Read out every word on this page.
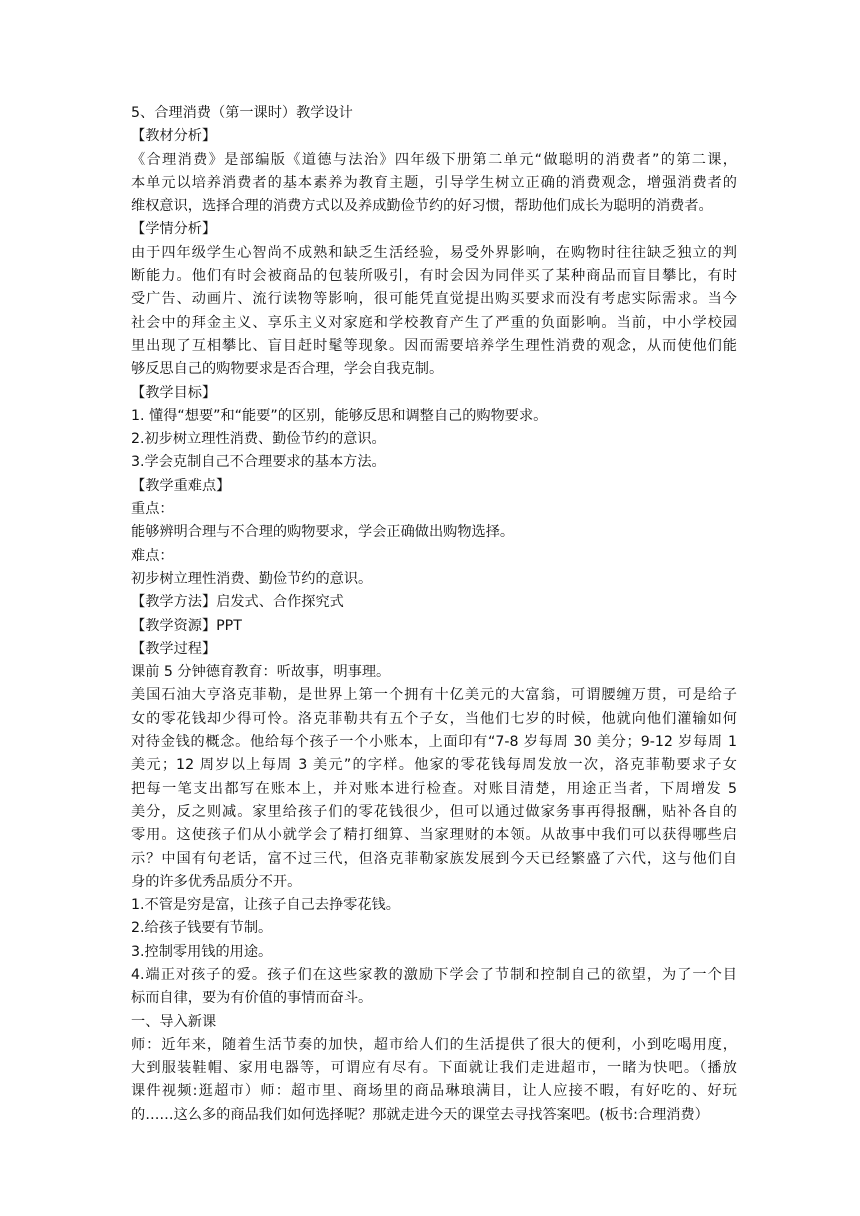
5、合理消费（第一课时）教学设计
【教材分析】
《合理消费》是部编版《道德与法治》四年级下册第二单元“做聪明的消费者”的第二课，
本单元以培养消费者的基本素养为教育主题，引导学生树立正确的消费观念，增强消费者的
维权意识，选择合理的消费方式以及养成勤俭节约的好习惯，帮助他们成长为聪明的消费者。
【学情分析】
由于四年级学生心智尚不成熟和缺乏生活经验，易受外界影响，在购物时往往缺乏独立的判
断能力。他们有时会被商品的包装所吸引，有时会因为同伴买了某种商品而盲目攀比，有时
受广告、动画片、流行读物等影响，很可能凭直觉提出购买要求而没有考虑实际需求。当今
社会中的拜金主义、享乐主义对家庭和学校教育产生了严重的负面影响。当前，中小学校园
里出现了互相攀比、盲目赶时髦等现象。因而需要培养学生理性消费的观念，从而使他们能
够反思自己的购物要求是否合理，学会自我克制。
【教学目标】
1. 懂得“想要”和“能要”的区别，能够反思和调整自己的购物要求。
2.初步树立理性消费、勤俭节约的意识。
3.学会克制自己不合理要求的基本方法。
【教学重难点】
重点：
能够辨明合理与不合理的购物要求，学会正确做出购物选择。
难点：
初步树立理性消费、勤俭节约的意识。
【教学方法】启发式、合作探究式
【教学资源】PPT
【教学过程】
课前 5 分钟德育教育：听故事，明事理。
美国石油大亨洛克菲勒，是世界上第一个拥有十亿美元的大富翁，可谓腰缠万贯，可是给子
女的零花钱却少得可怜。洛克菲勒共有五个子女，当他们七岁的时候，他就向他们灌输如何
对待金钱的概念。他给每个孩子一个小账本，上面印有“7-8 岁每周 30 美分；9-12 岁每周 1
美元；12 周岁以上每周 3 美元”的字样。他家的零花钱每周发放一次，洛克菲勒要求子女
把每一笔支出都写在账本上，并对账本进行检查。对账目清楚，用途正当者，下周增发 5
美分，反之则减。家里给孩子们的零花钱很少，但可以通过做家务事再得报酬，贴补各自的
零用。这使孩子们从小就学会了精打细算、当家理财的本领。从故事中我们可以获得哪些启
示？中国有句老话，富不过三代，但洛克菲勒家族发展到今天已经繁盛了六代，这与他们自
身的许多优秀品质分不开。
1.不管是穷是富，让孩子自己去挣零花钱。
2.给孩子钱要有节制。
3.控制零用钱的用途。
4.端正对孩子的爱。孩子们在这些家教的激励下学会了节制和控制自己的欲望，为了一个目
标而自律，要为有价值的事情而奋斗。
一、导入新课
师：近年来，随着生活节奏的加快，超市给人们的生活提供了很大的便利，小到吃喝用度，
大到服装鞋帽、家用电器等，可谓应有尽有。下面就让我们走进超市，一睹为快吧。（播放
课件视频:逛超市）师：超市里、商场里的商品琳琅满目，让人应接不暇，有好吃的、好玩
的……这么多的商品我们如何选择呢？那就走进今天的课堂去寻找答案吧。(板书:合理消费）
